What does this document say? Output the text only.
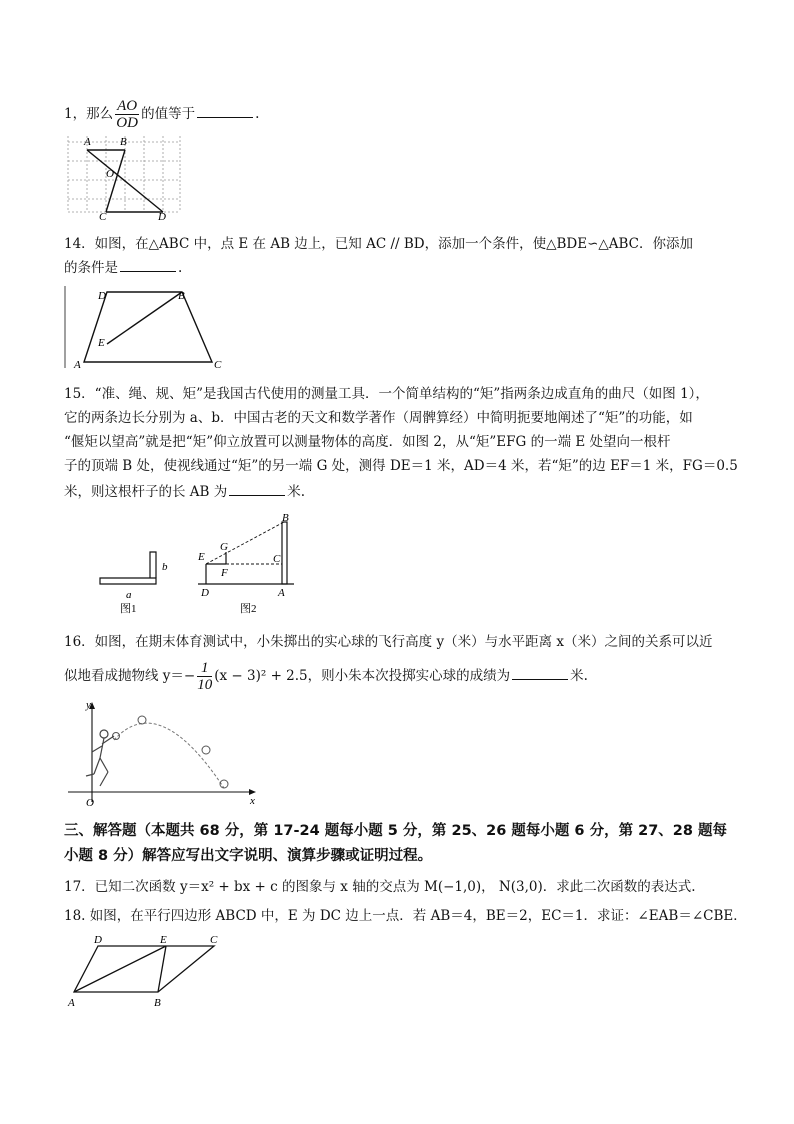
1，那么 $\frac{AO}{OD}$ 的值等于	.
A	B
O
C	D
14．如图，在△ABC 中，点 E 在 AB 边上，已知 AC // BD，添加一个条件，使△BDE∽△ABC．你添加
的条件是	.
D	B
E
A	C
15．“准、绳、规、矩”是我国古代使用的测量工具．一个简单结构的“矩”指两条边成直角的曲尺（如图 1），
它的两条边长分别为 a、b．中国古老的天文和数学著作（周髀算经）中简明扼要地阐述了“矩”的功能，如
“偃矩以望高”就是把“矩”仰立放置可以测量物体的高度．如图 2，从“矩”EFG 的一端 E 处望向一根杆
子的顶端 B 处，使视线通过“矩”的另一端 G 处，测得 DE＝1 米，AD＝4 米，若“矩”的边 EF＝1 米，FG＝0.5
米，则这根杆子的长 AB 为	米.
a
b
图1
B
G
E	C
F
D	A
图2
16．如图，在期末体育测试中，小朱掷出的实心球的飞行高度 y（米）与水平距离 x（米）之间的关系可以近
似地看成抛物线 $y=- \frac{1}{10} (x - 3)^2 + 2.5$，则小朱本次投掷实心球的成绩为	米.
y
x
O
三、解答题（本题共 68 分，第 17-24 题每小题 5 分，第 25、26 题每小题 6 分，第 27、28 题每
小题 8 分）解答应写出文字说明、演算步骤或证明过程。
17．已知二次函数 y＝x² + bx + c 的图象与 x 轴的交点为 M(−1,0)， N(3,0)．求此二次函数的表达式.
18. 如图，在平行四边形 ABCD 中，E 为 DC 边上一点．若 AB＝4，BE＝2，EC＝1．求证：∠EAB＝∠CBE．
D	E	C
A	B
